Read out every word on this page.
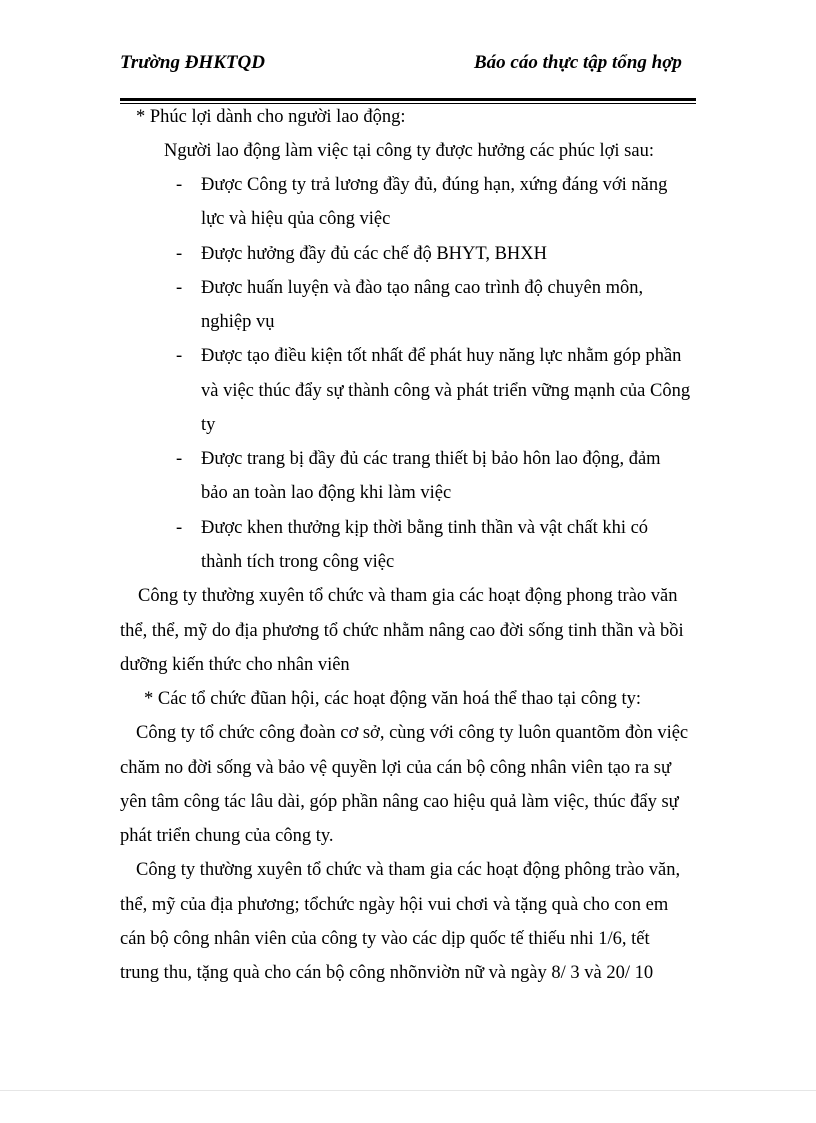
Trường ĐHKTQD	Báo cáo thực tập tổng hợp
* Phúc lợi dành cho người lao động:
Người lao động làm việc tại công ty được hưởng các phúc lợi sau:
- Được Công ty trả lương đầy đủ, đúng hạn, xứng đáng với năng
lực và hiệu qủa công việc
- Được hưởng đầy đủ các chế độ BHYT, BHXH
- Được huấn luyện và đào tạo nâng cao trình độ chuyên môn,
nghiệp vụ
- Được tạo điều kiện tốt nhất để phát huy năng lực nhằm góp phần
và việc thúc đẩy sự thành công và phát triển vững mạnh của Công
ty
- Được trang bị đầy đủ các trang thiết bị bảo hôn lao động, đảm
bảo an toàn lao động khi làm việc
- Được khen thưởng kịp thời bằng tinh thần và vật chất khi có
thành tích trong công việc
Công ty thường xuyên tổ chức và tham gia các hoạt động phong trào văn
thể, thể, mỹ do địa phương tổ chức nhằm nâng cao đời sống tinh thần và bồi
dưỡng kiến thức cho nhân viên
* Các tổ chức đũan hội, các hoạt động văn hoá thể thao tại công ty:
Công ty tổ chức công đoàn cơ sở, cùng với công ty luôn quantõm đòn việc
chăm no đời sống và bảo vệ quyền lợi của cán bộ công nhân viên tạo ra sự
yên tâm công tác lâu dài, góp phần nâng cao hiệu quả làm việc, thúc đẩy sự
phát triển chung của công ty.
Công ty thường xuyên tổ chức và tham gia các hoạt động phông trào văn,
thể, mỹ của địa phương; tổchức ngày hội vui chơi và tặng quà cho con em
cán bộ công nhân viên của công ty vào các dịp quốc tế thiếu nhi 1/6, tết
trung thu, tặng quà cho cán bộ công nhõnviờn nữ và ngày 8/ 3 và 20/ 10
